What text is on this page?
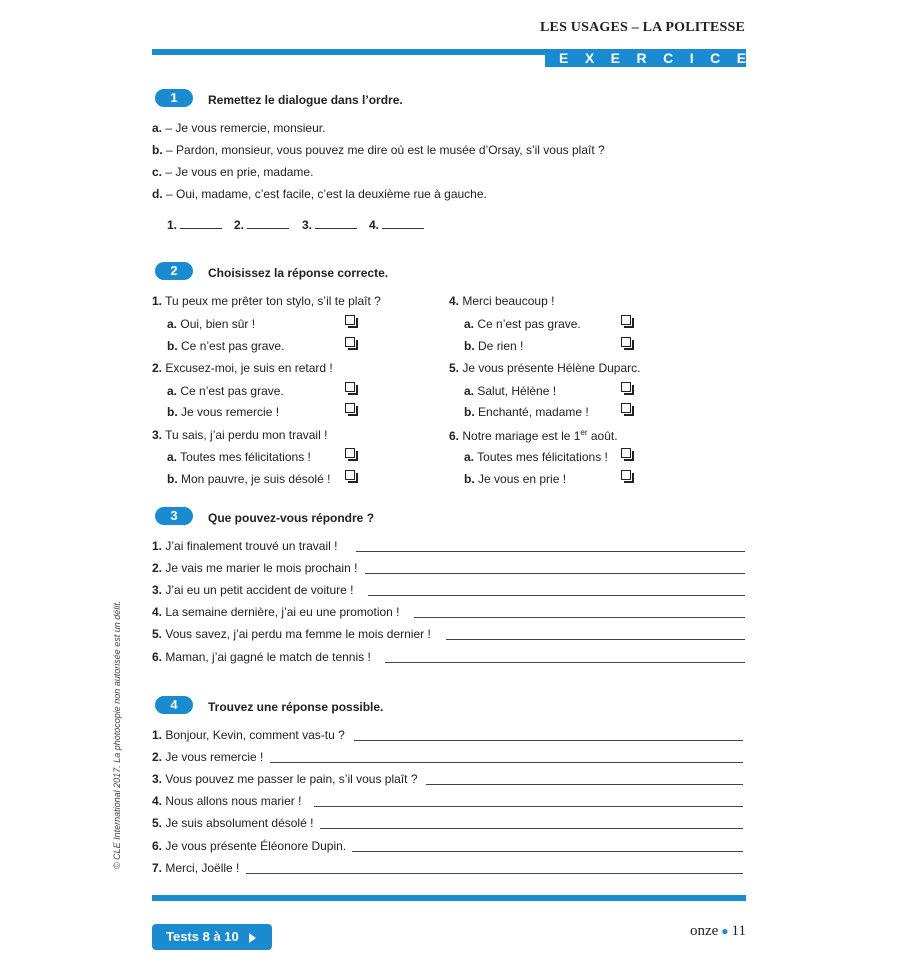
LES USAGES – LA POLITESSE
EXERCICES
1	Remettez le dialogue dans l’ordre.
a. – Je vous remercie, monsieur.
b. – Pardon, monsieur, vous pouvez me dire où est le musée d’Orsay, s’il vous plaît ?
c. – Je vous en prie, madame.
d. – Oui, madame, c’est facile, c’est la deuxième rue à gauche.
1.	2.	3.	4.
2	Choisissez la réponse correcte.
1. Tu peux me prêter ton stylo, s’il te plaît ?
a. Oui, bien sûr !
b. Ce n’est pas grave.
2. Excusez-moi, je suis en retard !
a. Ce n’est pas grave.
b. Je vous remercie !
3. Tu sais, j’ai perdu mon travail !
a. Toutes mes félicitations !
b. Mon pauvre, je suis désolé !
4. Merci beaucoup !
a. Ce n’est pas grave.
b. De rien !
5. Je vous présente Hélène Duparc.
a. Salut, Hélène !
b. Enchanté, madame !
6. Notre mariage est le 1er août.
a. Toutes mes félicitations !
b. Je vous en prie !
3	Que pouvez-vous répondre ?
1. J’ai finalement trouvé un travail !
2. Je vais me marier le mois prochain !
3. J’ai eu un petit accident de voiture !
4. La semaine dernière, j’ai eu une promotion !
5. Vous savez, j’ai perdu ma femme le mois dernier !
6. Maman, j’ai gagné le match de tennis !
4	Trouvez une réponse possible.
1. Bonjour, Kevin, comment vas-tu ?
2. Je vous remercie !
3. Vous pouvez me passer le pain, s’il vous plaît ?
4. Nous allons nous marier !
5. Je suis absolument désolé !
6. Je vous présente Éléonore Dupin.
7. Merci, Joëlle !
© CLE International 2017. La photocopie non autorisée est un délit.
Tests 8 à 10	onze ● 11
